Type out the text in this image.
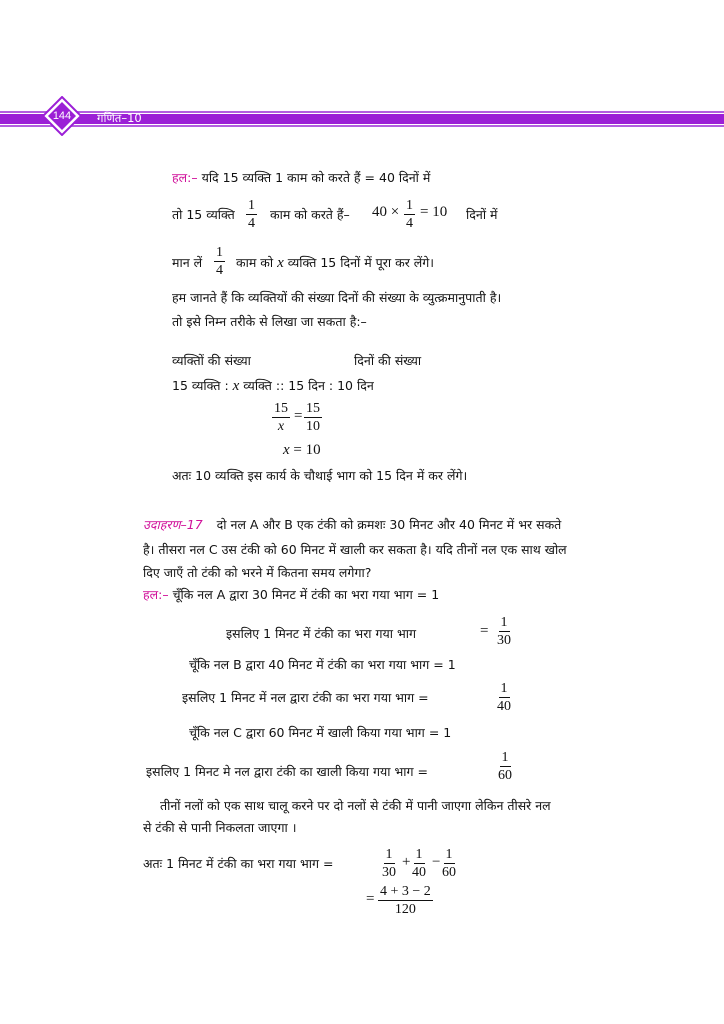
144	गणित–10
हल:– यदि 15 व्यक्ति 1 काम को करते हैं = 40 दिनों में
तो 15 व्यक्ति $\frac{1}{4}$ काम को करते हैं– $40 \times \frac{1}{4} = 10$ दिनों में
मान लें $\frac{1}{4}$ काम को x व्यक्ति 15 दिनों में पूरा कर लेंगे।
हम जानते हैं कि व्यक्तियों की संख्या दिनों की संख्या के व्युत्क्रमानुपाती है।
तो इसे निम्न तरीके से लिखा जा सकता है:–
व्यक्तिों की संख्या	दिनों की संख्या
15 व्यक्ति : x व्यक्ति :: 15 दिन : 10 दिन
$\frac{15}{x} = \frac{15}{10}$
x = 10
अतः 10 व्यक्ति इस कार्य के चौथाई भाग को 15 दिन में कर लेंगे।
उदाहरण–17 दो नल A और B एक टंकी को क्रमशः 30 मिनट और 40 मिनट में भर सकते
है। तीसरा नल C उस टंकी को 60 मिनट में खाली कर सकता है। यदि तीनों नल एक साथ खोल
दिए जाएँ तो टंकी को भरने में कितना समय लगेगा?
हल:– चूँकि नल A द्वारा 30 मिनट में टंकी का भरा गया भाग = 1
इसलिए 1 मिनट में टंकी का भरा गया भाग	= $\frac{1}{30}$
चूँकि नल B द्वारा 40 मिनट में टंकी का भरा गया भाग = 1
इसलिए 1 मिनट में नल द्वारा टंकी का भरा गया भाग =	$\frac{1}{40}$
चूँकि नल C द्वारा 60 मिनट में खाली किया गया भाग = 1
इसलिए 1 मिनट मे नल द्वारा टंकी का खाली किया गया भाग =	$\frac{1}{60}$
तीनों नलों को एक साथ चालू करने पर दो नलों से टंकी में पानी जाएगा लेकिन तीसरे नल
से टंकी से पानी निकलता जाएगा ।
अतः 1 मिनट में टंकी का भरा गया भाग =	$\frac{1}{30} + \frac{1}{40} - \frac{1}{60}$
= $\frac{4 + 3 - 2}{120}$
